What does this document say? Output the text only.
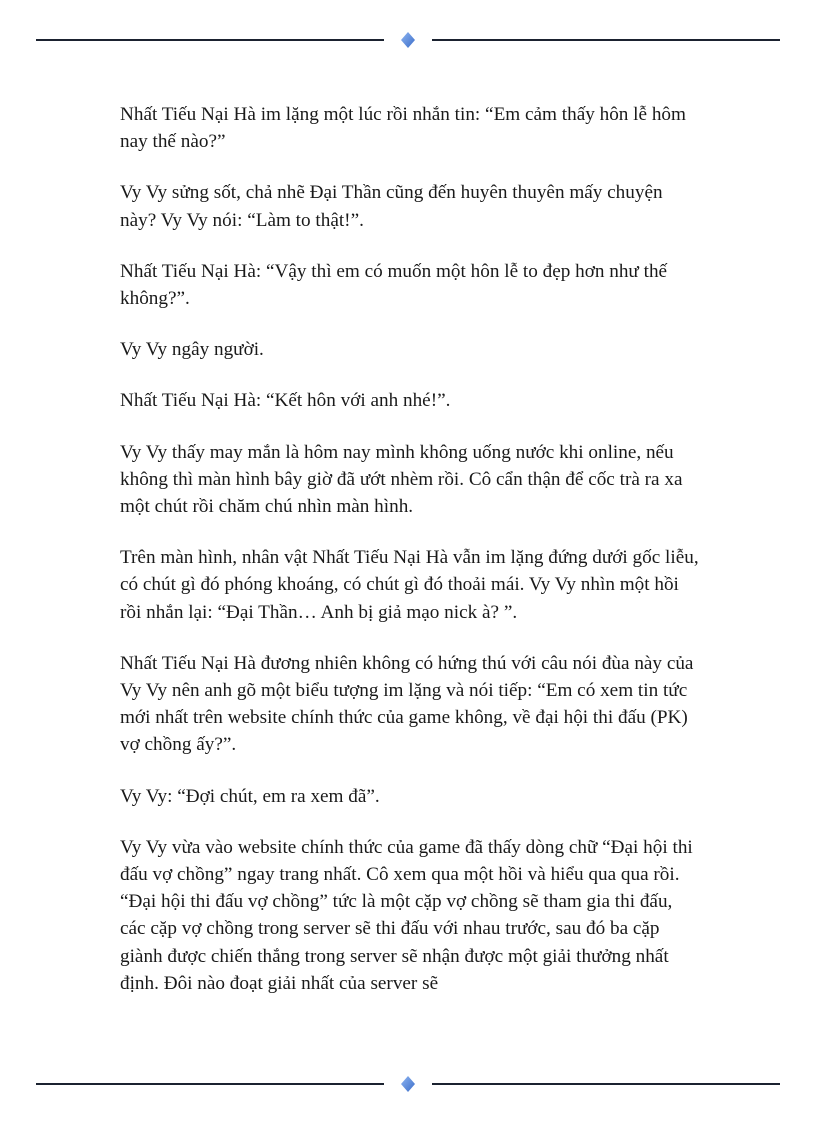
Nhất Tiếu Nại Hà im lặng một lúc rồi nhắn tin: “Em cảm thấy hôn lễ hôm nay thế nào?”

Vy Vy sửng sốt, chả nhẽ Đại Thần cũng đến huyên thuyên mấy chuyện này? Vy Vy nói: “Làm to thật!”.

Nhất Tiếu Nại Hà: “Vậy thì em có muốn một hôn lễ to đẹp hơn như thế không?”.

Vy Vy ngây người.

Nhất Tiếu Nại Hà: “Kết hôn với anh nhé!”.

Vy Vy thấy may mắn là hôm nay mình không uống nước khi online, nếu không thì màn hình bây giờ đã ướt nhèm rồi. Cô cẩn thận để cốc trà ra xa một chút rồi chăm chú nhìn màn hình.

Trên màn hình, nhân vật Nhất Tiếu Nại Hà vẫn im lặng đứng dưới gốc liễu, có chút gì đó phóng khoáng, có chút gì đó thoải mái. Vy Vy nhìn một hồi rồi nhắn lại: “Đại Thần… Anh bị giả mạo nick à? ”.

Nhất Tiếu Nại Hà đương nhiên không có hứng thú với câu nói đùa này của Vy Vy nên anh gõ một biểu tượng im lặng và nói tiếp: “Em có xem tin tức mới nhất trên website chính thức của game không, về đại hội thi đấu (PK) vợ chồng ấy?”.

Vy Vy: “Đợi chút, em ra xem đã”.

Vy Vy vừa vào website chính thức của game đã thấy dòng chữ “Đại hội thi đấu vợ chồng” ngay trang nhất. Cô xem qua một hồi và hiểu qua qua rồi. “Đại hội thi đấu vợ chồng” tức là một cặp vợ chồng sẽ tham gia thi đấu, các cặp vợ chồng trong server sẽ thi đấu với nhau trước, sau đó ba cặp giành được chiến thắng trong server sẽ nhận được một giải thưởng nhất định. Đôi nào đoạt giải nhất của server sẽ
